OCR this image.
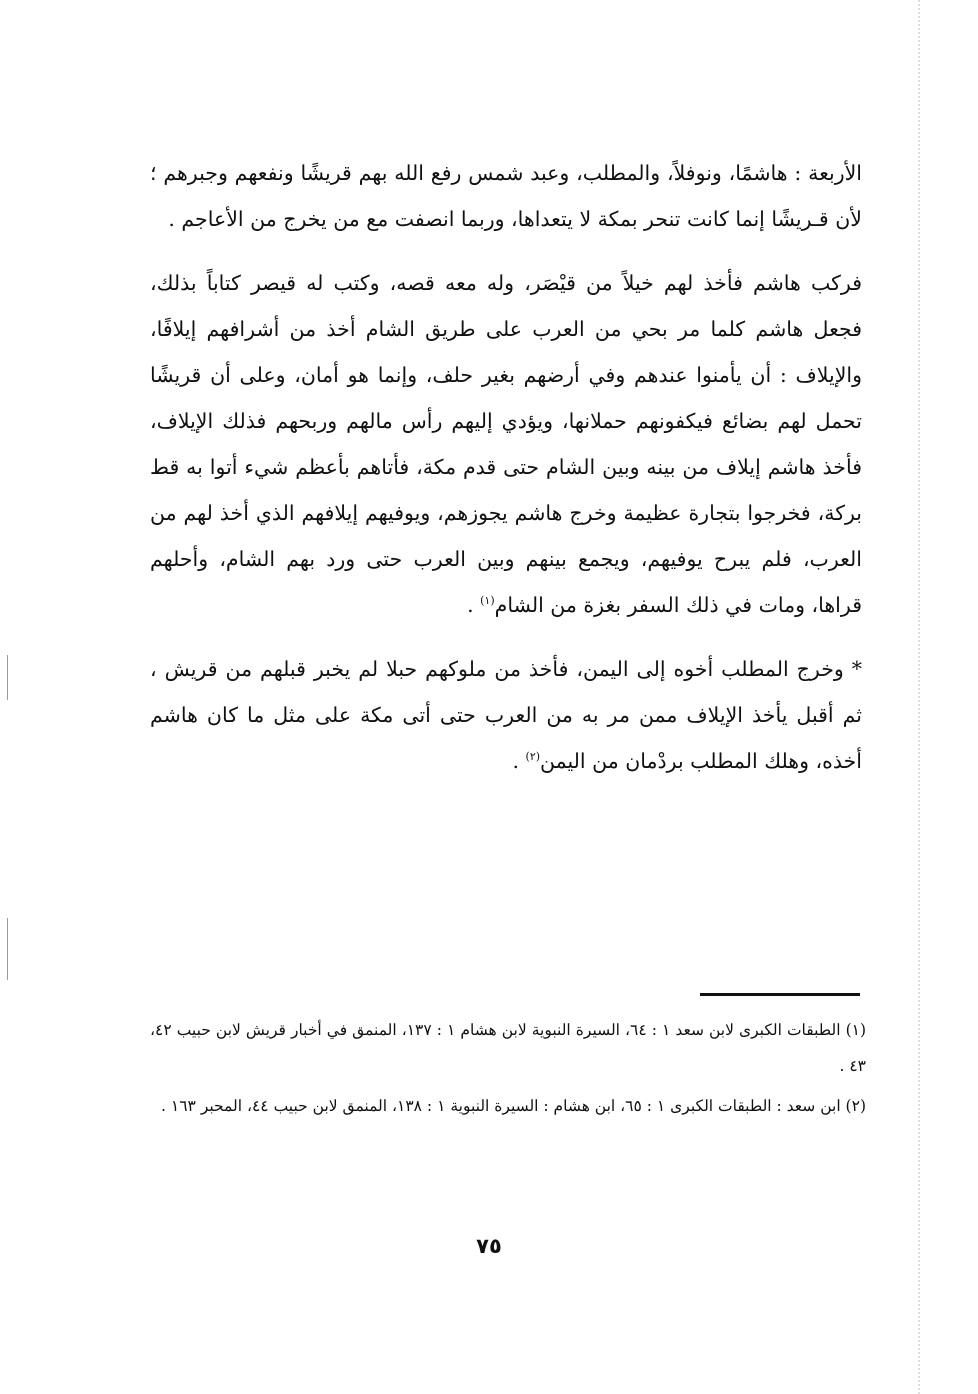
الأربعة : هاشمًا، ونوفلاً، والمطلب، وعبد شمس رفع الله بهم قريشًا ونفعهم وجبرهم ؛ لأن قـريشًا إنما كانت تنحر بمكة لا يتعداها، وربما انصفت مع من يخرج من الأعاجم .

فركب هاشم فأخذ لهم خيلاً من قيْصَر، وله معه قصه، وكتب له قيصر كتاباً بذلك، فجعل هاشم كلما مر بحي من العرب على طريق الشام أخذ من أشرافهم إيلافًا، والإيلاف : أن يأمنوا عندهم وفي أرضهم بغير حلف، وإنما هو أمان، وعلى أن قريشًا تحمل لهم بضائع فيكفونهم حملانها، ويؤدي إليهم رأس مالهم وربحهم فذلك الإيلاف، فأخذ هاشم إيلاف من بينه وبين الشام حتى قدم مكة، فأتاهم بأعظم شيء أتوا به قط بركة، فخرجوا بتجارة عظيمة وخرج هاشم يجوزهم، ويوفيهم إيلافهم الذي أخذ لهم من العرب، فلم يبرح يوفيهم، ويجمع بينهم وبين العرب حتى ورد بهم الشام، وأحلهم قراها، ومات في ذلك السفر بغزة من الشام$^{(١)}$ .

* وخرج المطلب أخوه إلى اليمن، فأخذ من ملوكهم حبلا لم يخبر قبلهم من قريش ، ثم أقبل يأخذ الإيلاف ممن مر به من العرب حتى أتى مكة على مثل ما كان هاشم أخذه، وهلك المطلب بردْمان من اليمن$^{(٢)}$ .

(١) الطبقات الكبرى لابن سعد ١ : ٦٤، السيرة النبوية لابن هشام ١ : ١٣٧، المنمق في أخبار قريش لابن حبيب ٤٢، ٤٣ .

(٢) ابن سعد : الطبقات الكبرى ١ : ٦٥، ابن هشام : السيرة النبوية ١ : ١٣٨، المنمق لابن حبيب ٤٤، المحبر ١٦٣ .

٧٥
